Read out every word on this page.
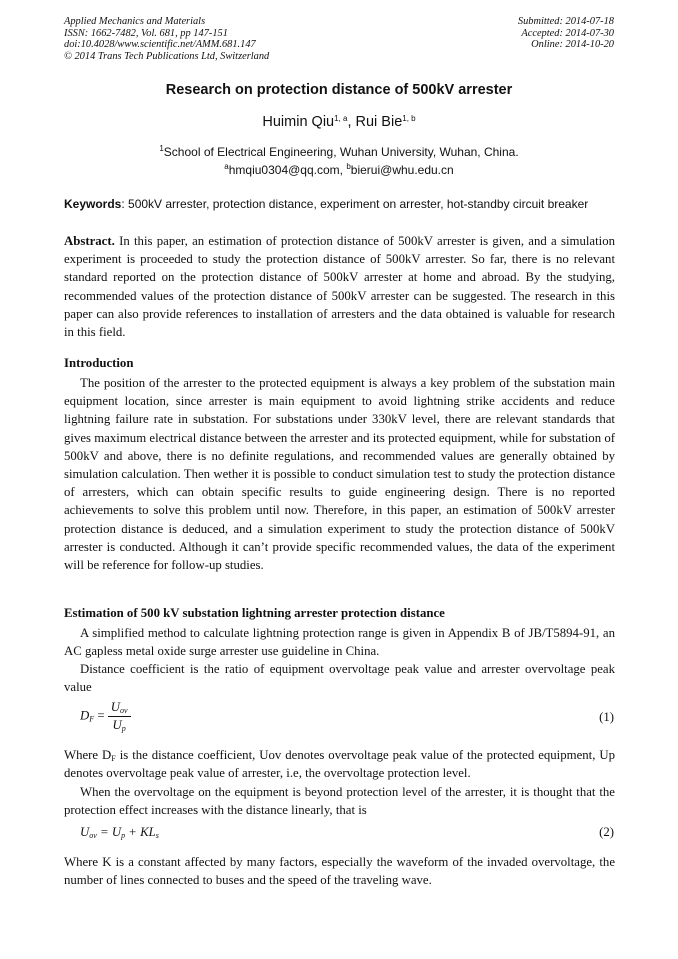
Applied Mechanics and Materials
ISSN: 1662-7482, Vol. 681, pp 147-151
doi:10.4028/www.scientific.net/AMM.681.147
© 2014 Trans Tech Publications Ltd, Switzerland
Submitted: 2014-07-18
Accepted: 2014-07-30
Online: 2014-10-20
Research on protection distance of 500kV arrester
Huimin Qiu$^{1, a}$, Rui Bie$^{1, b}$
$^1$School of Electrical Engineering, Wuhan University, Wuhan, China.
$^a$hmqiu0304@qq.com, $^b$bierui@whu.edu.cn
Keywords: 500kV arrester, protection distance, experiment on arrester, hot-standby circuit breaker
Abstract. In this paper, an estimation of protection distance of 500kV arrester is given, and a simulation experiment is proceeded to study the protection distance of 500kV arrester. So far, there is no relevant standard reported on the protection distance of 500kV arrester at home and abroad. By the studying, recommended values of the protection distance of 500kV arrester can be suggested. The research in this paper can also provide references to installation of arresters and the data obtained is valuable for research in this field.
Introduction
The position of the arrester to the protected equipment is always a key problem of the substation main equipment location, since arrester is main equipment to avoid lightning strike accidents and reduce lightning failure rate in substation. For substations under 330kV level, there are relevant standards that gives maximum electrical distance between the arrester and its protected equipment, while for substation of 500kV and above, there is no definite regulations, and recommended values are generally obtained by simulation calculation. Then wether it is possible to conduct simulation test to study the protection distance of arresters, which can obtain specific results to guide engineering design. There is no reported achievements to solve this problem until now. Therefore, in this paper, an estimation of 500kV arrester protection distance is deduced, and a simulation experiment to study the protection distance of 500kV arrester is conducted. Although it can’t provide specific recommended values, the data of the experiment will be reference for follow-up studies.
Estimation of 500 kV substation lightning arrester protection distance
A simplified method to calculate lightning protection range is given in Appendix B of JB/T5894-91, an AC gapless metal oxide surge arrester use guideline in China.
Distance coefficient is the ratio of equipment overvoltage peak value and arrester overvoltage peak value
$D_F = \frac{U_{ov}}{U_p}$	(1)
Where $D_F$ is the distance coefficient, Uov denotes overvoltage peak value of the protected equipment, Up denotes overvoltage peak value of arrester, i.e, the overvoltage protection level.
When the overvoltage on the equipment is beyond protection level of the arrester, it is thought that the protection effect increases with the distance linearly, that is
$U_{ov} = U_p + KL_s$	(2)
Where K is a constant affected by many factors, especially the waveform of the invaded overvoltage, the number of lines connected to buses and the speed of the traveling wave.
